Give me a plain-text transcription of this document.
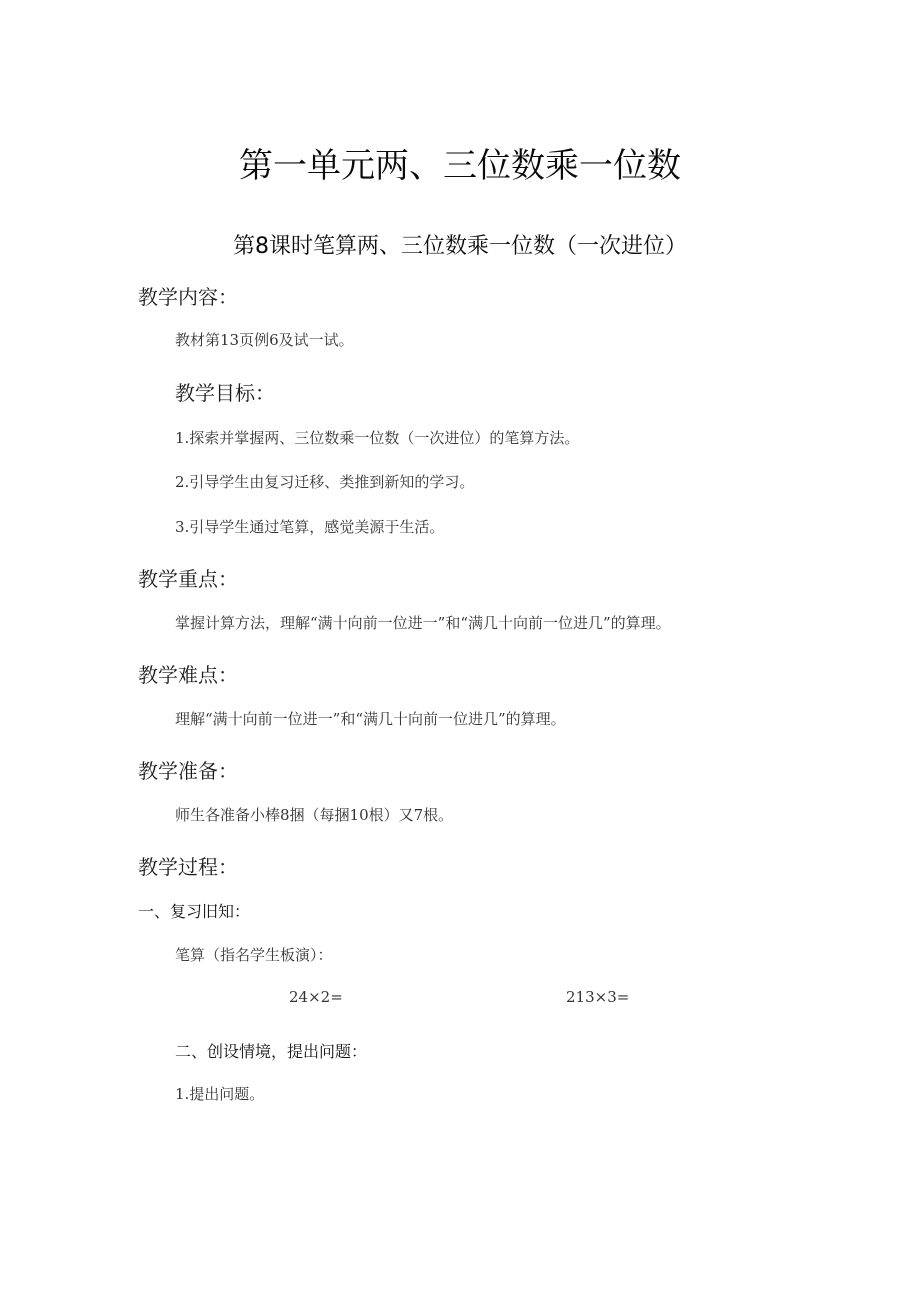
第一单元两、三位数乘一位数
第8课时笔算两、三位数乘一位数（一次进位）
教学内容：
教材第13页例6及试一试。
教学目标：
1.探索并掌握两、三位数乘一位数（一次进位）的笔算方法。
2.引导学生由复习迁移、类推到新知的学习。
3.引导学生通过笔算，感觉美源于生活。
教学重点：
掌握计算方法，理解“满十向前一位进一”和“满几十向前一位进几”的算理。
教学难点：
理解“满十向前一位进一”和“满几十向前一位进几”的算理。
教学准备：
师生各准备小棒8捆（每捆10根）又7根。
教学过程：
一、复习旧知：
笔算（指名学生板演）：
24×2=	213×3=
二、创设情境，提出问题：
1.提出问题。
